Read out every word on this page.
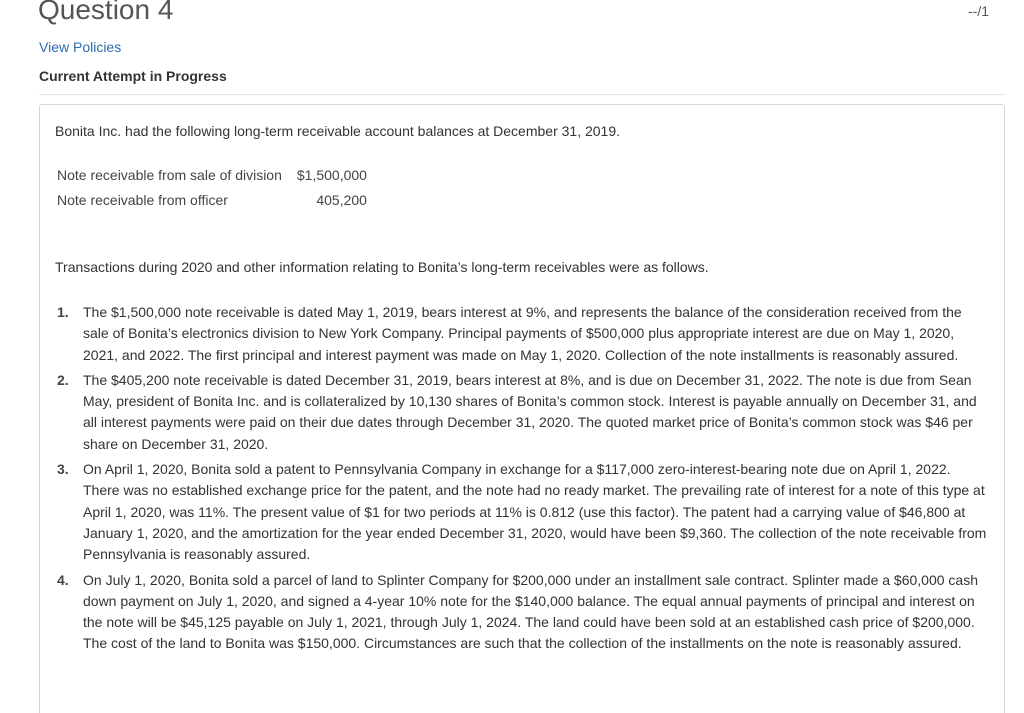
Question 4	--/1
View Policies
Current Attempt in Progress
Bonita Inc. had the following long-term receivable account balances at December 31, 2019.
Note receivable from sale of division	$1,500,000
Note receivable from officer	405,200
Transactions during 2020 and other information relating to Bonita’s long-term receivables were as follows.
1. The $1,500,000 note receivable is dated May 1, 2019, bears interest at 9%, and represents the balance of the consideration received from the sale of Bonita’s electronics division to New York Company. Principal payments of $500,000 plus appropriate interest are due on May 1, 2020, 2021, and 2022. The first principal and interest payment was made on May 1, 2020. Collection of the note installments is reasonably assured.
2. The $405,200 note receivable is dated December 31, 2019, bears interest at 8%, and is due on December 31, 2022. The note is due from Sean May, president of Bonita Inc. and is collateralized by 10,130 shares of Bonita’s common stock. Interest is payable annually on December 31, and all interest payments were paid on their due dates through December 31, 2020. The quoted market price of Bonita’s common stock was $46 per share on December 31, 2020.
3. On April 1, 2020, Bonita sold a patent to Pennsylvania Company in exchange for a $117,000 zero-interest-bearing note due on April 1, 2022. There was no established exchange price for the patent, and the note had no ready market. The prevailing rate of interest for a note of this type at April 1, 2020, was 11%. The present value of $1 for two periods at 11% is 0.812 (use this factor). The patent had a carrying value of $46,800 at January 1, 2020, and the amortization for the year ended December 31, 2020, would have been $9,360. The collection of the note receivable from Pennsylvania is reasonably assured.
4. On July 1, 2020, Bonita sold a parcel of land to Splinter Company for $200,000 under an installment sale contract. Splinter made a $60,000 cash down payment on July 1, 2020, and signed a 4-year 10% note for the $140,000 balance. The equal annual payments of principal and interest on the note will be $45,125 payable on July 1, 2021, through July 1, 2024. The land could have been sold at an established cash price of $200,000. The cost of the land to Bonita was $150,000. Circumstances are such that the collection of the installments on the note is reasonably assured.
